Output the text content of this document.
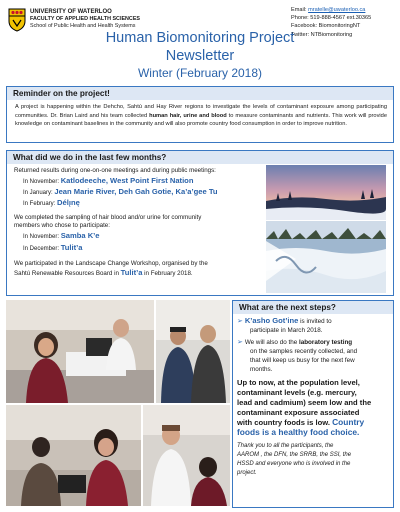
UNIVERSITY OF WATERLOO
FACULTY OF APPLIED HEALTH SCIENCES
School of Public Health and Health Systems
Email: mratelle@uwaterloo.ca
Phone: 519-888-4567 ext.30365
Facebook: BiomonitoringNT
Twitter: NTBiomonitoring
Human Biomonitoring Project
Newsletter
Winter (February 2018)
Reminder on the project!
A project is happening within the Dehcho, Sahtú and Hay River regions to investigate the levels of contaminant exposure among participating communities. Dr. Brian Laird and his team collected human hair, urine and blood to measure contaminants and nutrients. This work will provide knowledge on contaminant baselines in the community and will also promote country food consumption in order to improve nutrition.
What did we do in the last few months?
Returned results during one-on-one meetings and during public meetings:
In November: Katlodeeche, West Point First Nation
In January: Jean Marie River, Deh Gah Gotie, Ka’a’gee Tu
In February: Délı̨nę
We completed the sampling of hair blood and/or urine for community
members who chose to participate:
In November: Samba K’e
In December: Tulit’a
We participated in the Landscape Change Workshop, organised by the
Sahtú Renewable Resources Board in Tulit’a in February 2018.
What are the next steps?
➢ K’asho Got’ine is invited to
participate in March 2018.
➢ We will also do the laboratory testing
on the samples recently collected, and
that will keep us busy for the next few
months.
Up to now, at the population level,
contaminant levels (e.g. mercury,
lead and cadmium) seem low and the
contaminant exposure associated
with country foods is low. Country
foods is a healthy food choice.
Thank you to all the participants, the
AAROM , the DFN, the SRRB, the SSI, the
HSSD and everyone who is involved in the
project.
